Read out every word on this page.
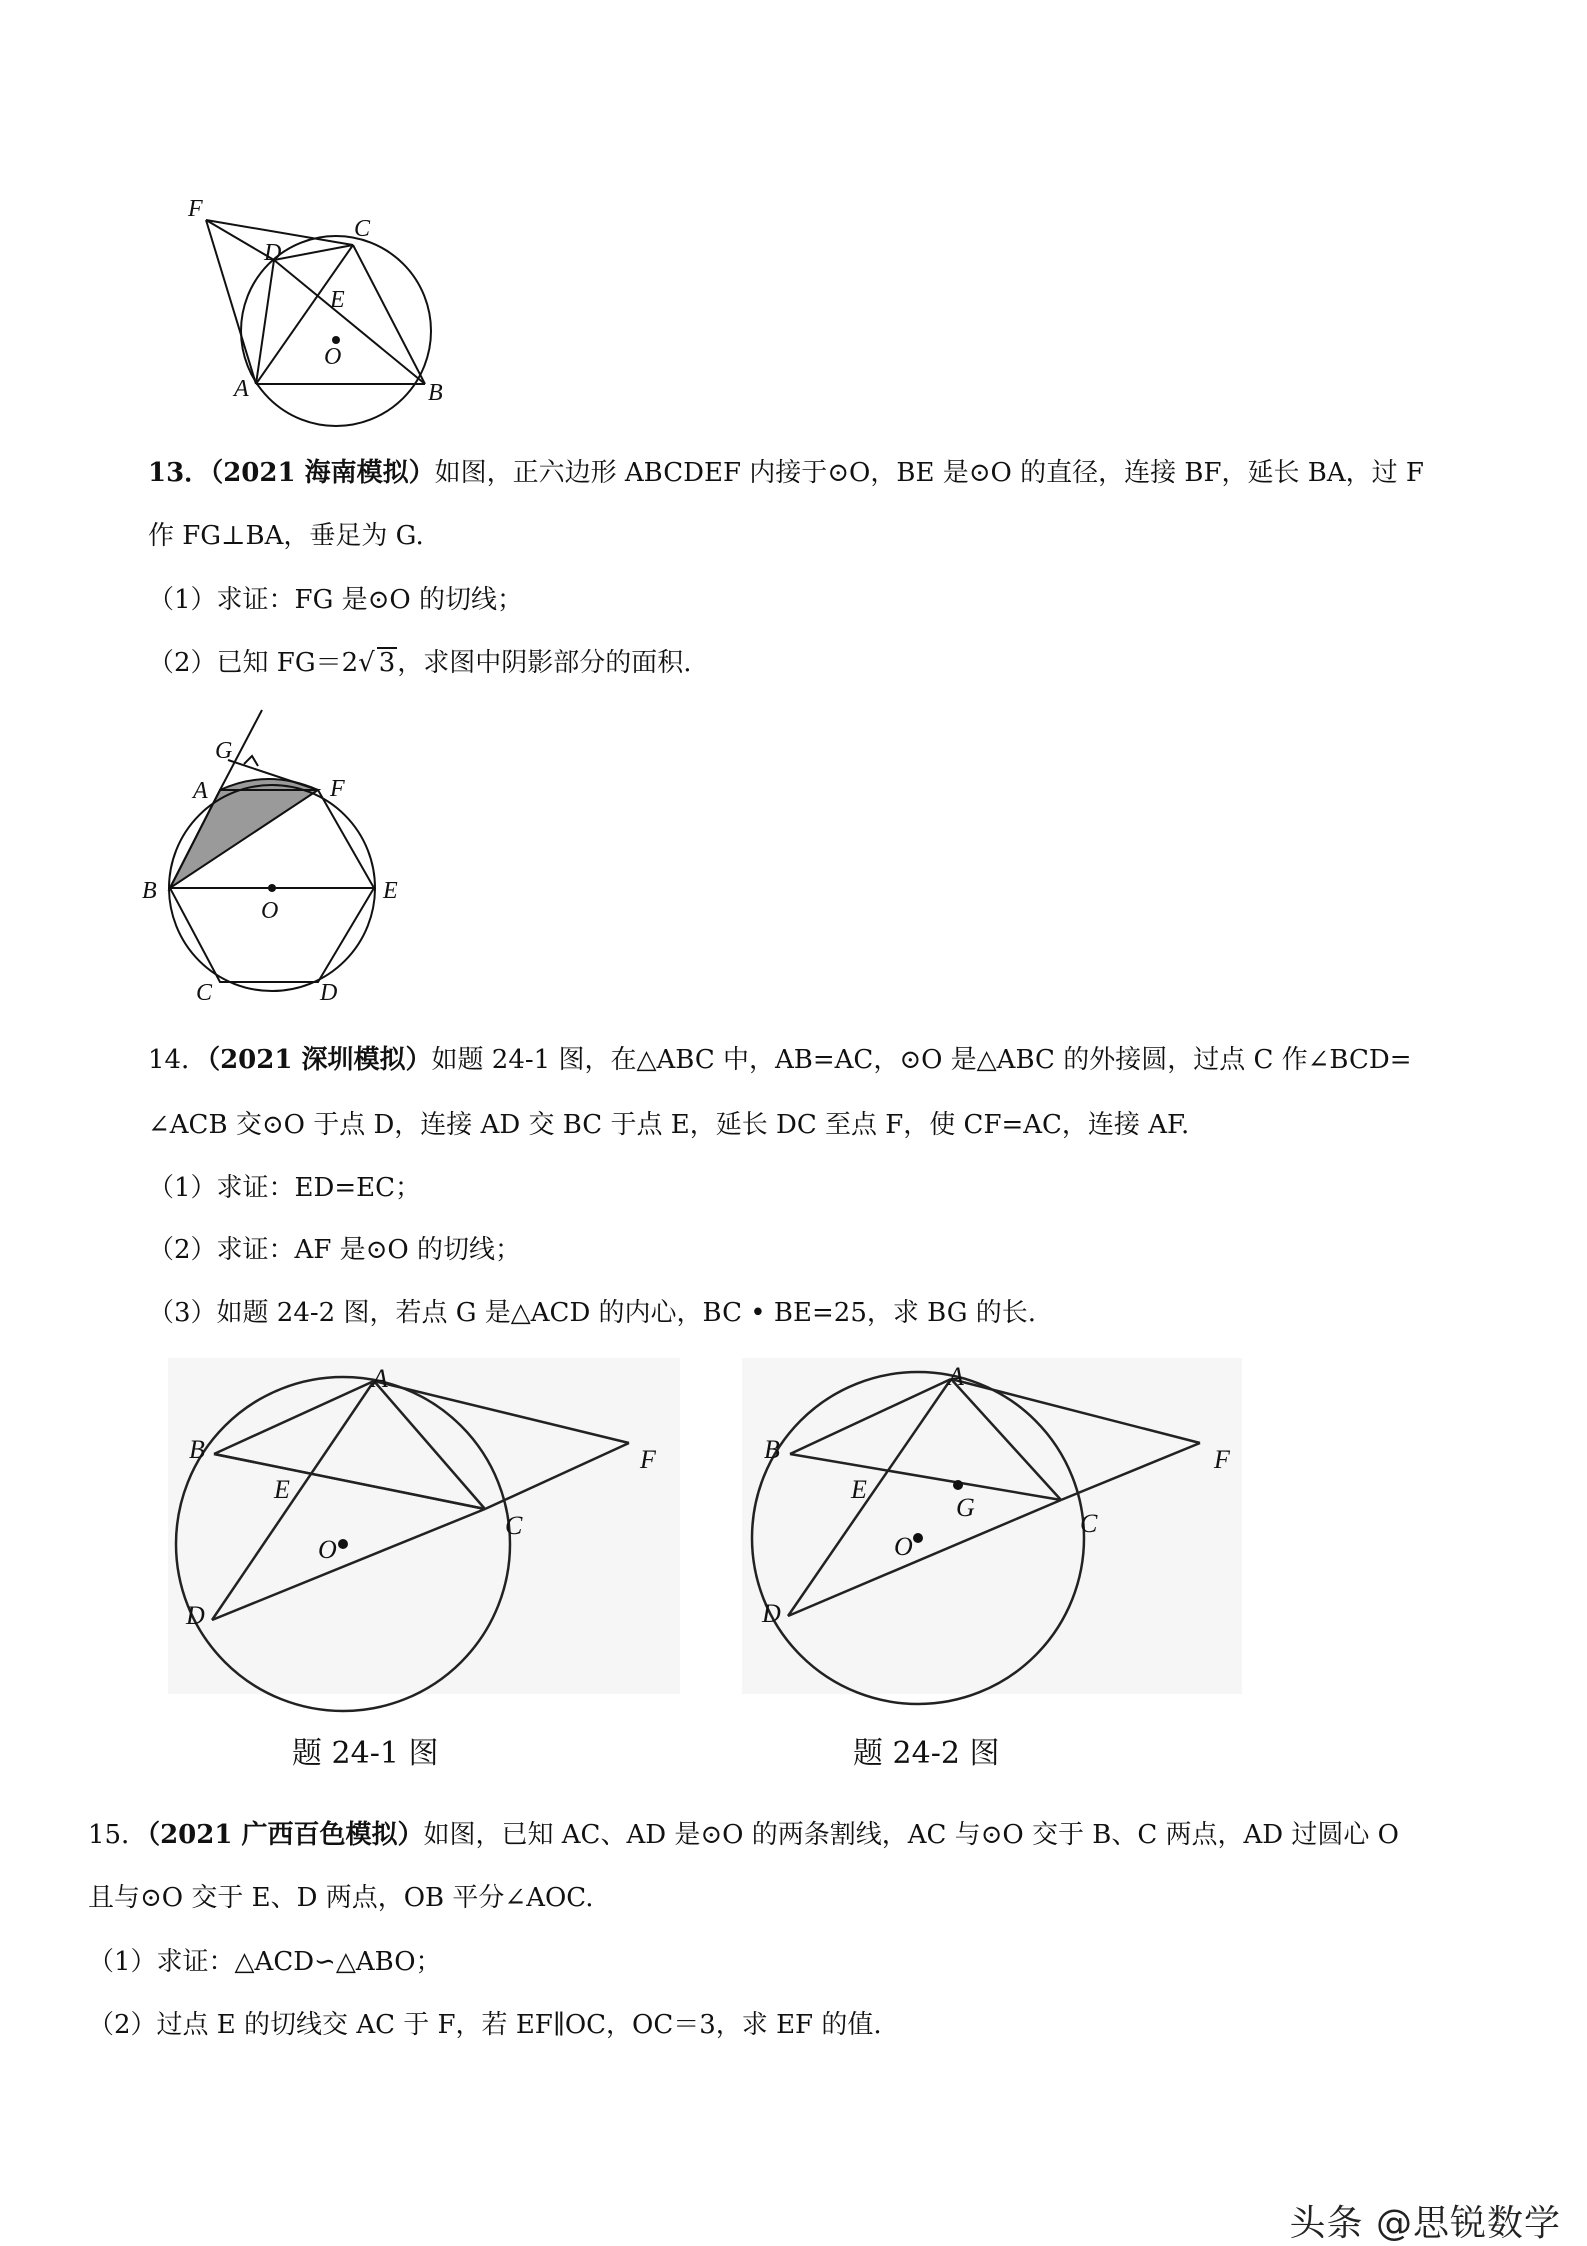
F
C
D
E
O
A	B
13．（2021 海南模拟）如图，正六边形 ABCDEF 内接于⊙O，BE 是⊙O 的直径，连接 BF，延长 BA，过 F
作 FG⊥BA，垂足为 G.
（1）求证：FG 是⊙O 的切线；
（2）已知 FG＝2√ 3，求图中阴影部分的面积.
G
A	F
B	E
O
C	D
14．（2021 深圳模拟）如题 24-1 图，在△ABC 中，AB=AC，⊙O 是△ABC 的外接圆，过点 C 作∠BCD=
∠ACB 交⊙O 于点 D，连接 AD 交 BC 于点 E，延长 DC 至点 F，使 CF=AC，连接 AF.
（1）求证：ED=EC；
（2）求证：AF 是⊙O 的切线；
（3）如题 24-2 图，若点 G 是△ACD 的内心，BC • BE=25，求 BG 的长.
A
B	F
E
C
O
D
题 24-1 图
A
B	F
E
G
C
O
D
题 24-2 图
15．（2021 广西百色模拟）如图，已知 AC、AD 是⊙O 的两条割线，AC 与⊙O 交于 B、C 两点，AD 过圆心 O
且与⊙O 交于 E、D 两点，OB 平分∠AOC.
（1）求证：△ACD∽△ABO；
（2）过点 E 的切线交 AC 于 F，若 EF∥OC，OC＝3，求 EF 的值.
头条 @思锐数学
